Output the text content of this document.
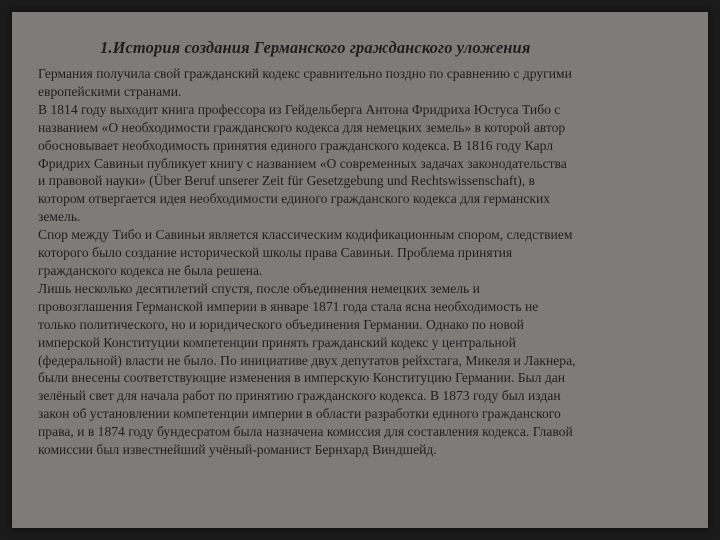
1.История создания Германского гражданского уложения

Германия получила свой гражданский кодекс сравнительно поздно по сравнению с другими
европейскими странами.

В 1814 году выходит книга профессора из Гейдельберга Антона Фридриха Юстуса Тибо с
названием «О необходимости гражданского кодекса для немецких земель» в которой автор
обосновывает необходимость принятия единого гражданского кодекса. В 1816 году Карл
Фридрих Савиньи публикует книгу с названием «О современных задачах законодательства
и правовой науки» (Über Beruf unserer Zeit für Gesetzgebung und Rechtswissenschaft), в
котором отвергается идея необходимости единого гражданского кодекса для германских
земель.

Спор между Тибо и Савиньи является классическим кодификационным спором, следствием
которого было создание исторической школы права Савиньи. Проблема принятия
гражданского кодекса не была решена.

Лишь несколько десятилетий спустя, после объединения немецких земель и
провозглашения Германской империи в январе 1871 года стала ясна необходимость не
только политического, но и юридического объединения Германии. Однако по новой
имперской Конституции компетенции принять гражданский кодекс у центральной
(федеральной) власти не было. По инициативе двух депутатов рейхстага, Микеля и Лакнера,
были внесены соответствующие изменения в имперскую Конституцию Германии. Был дан
зелёный свет для начала работ по принятию гражданского кодекса. В 1873 году был издан
закон об установлении компетенции империи в области разработки единого гражданского
права, и в 1874 году бундесратом была назначена комиссия для составления кодекса. Главой
комиссии был известнейший учёный-романист Бернхард Виндшейд.
